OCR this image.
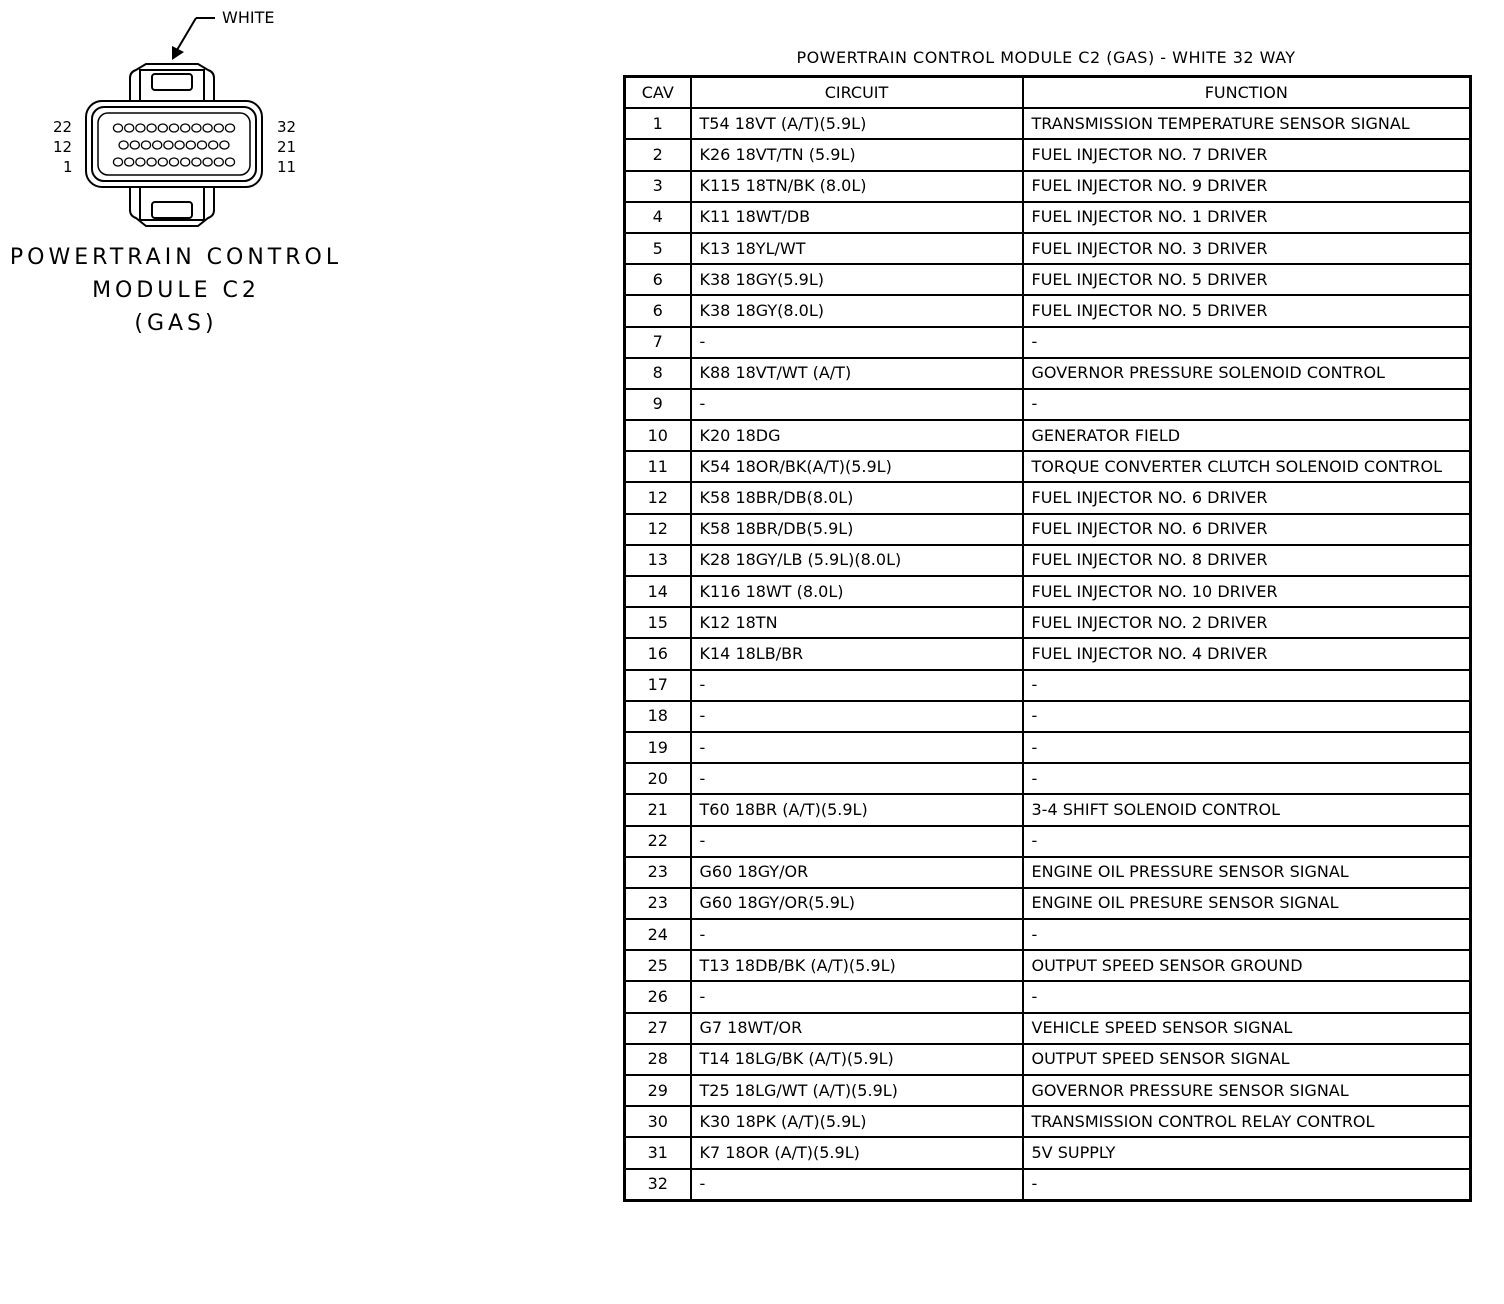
WHITE
22
12
1
32
21
11
POWERTRAIN CONTROL
MODULE C2
(GAS)
POWERTRAIN CONTROL MODULE C2 (GAS) - WHITE 32 WAY
CAV	CIRCUIT	FUNCTION
1	T54 18VT (A/T)(5.9L)	TRANSMISSION TEMPERATURE SENSOR SIGNAL
2	K26 18VT/TN (5.9L)	FUEL INJECTOR NO. 7 DRIVER
3	K115 18TN/BK (8.0L)	FUEL INJECTOR NO. 9 DRIVER
4	K11 18WT/DB	FUEL INJECTOR NO. 1 DRIVER
5	K13 18YL/WT	FUEL INJECTOR NO. 3 DRIVER
6	K38 18GY(5.9L)	FUEL INJECTOR NO. 5 DRIVER
6	K38 18GY(8.0L)	FUEL INJECTOR NO. 5 DRIVER
7	-	-
8	K88 18VT/WT (A/T)	GOVERNOR PRESSURE SOLENOID CONTROL
9	-	-
10	K20 18DG	GENERATOR FIELD
11	K54 18OR/BK(A/T)(5.9L)	TORQUE CONVERTER CLUTCH SOLENOID CONTROL
12	K58 18BR/DB(8.0L)	FUEL INJECTOR NO. 6 DRIVER
12	K58 18BR/DB(5.9L)	FUEL INJECTOR NO. 6 DRIVER
13	K28 18GY/LB (5.9L)(8.0L)	FUEL INJECTOR NO. 8 DRIVER
14	K116 18WT (8.0L)	FUEL INJECTOR NO. 10 DRIVER
15	K12 18TN	FUEL INJECTOR NO. 2 DRIVER
16	K14 18LB/BR	FUEL INJECTOR NO. 4 DRIVER
17	-	-
18	-	-
19	-	-
20	-	-
21	T60 18BR (A/T)(5.9L)	3-4 SHIFT SOLENOID CONTROL
22	-	-
23	G60 18GY/OR	ENGINE OIL PRESSURE SENSOR SIGNAL
23	G60 18GY/OR(5.9L)	ENGINE OIL PRESURE SENSOR SIGNAL
24	-	-
25	T13 18DB/BK (A/T)(5.9L)	OUTPUT SPEED SENSOR GROUND
26	-	-
27	G7 18WT/OR	VEHICLE SPEED SENSOR SIGNAL
28	T14 18LG/BK (A/T)(5.9L)	OUTPUT SPEED SENSOR SIGNAL
29	T25 18LG/WT (A/T)(5.9L)	GOVERNOR PRESSURE SENSOR SIGNAL
30	K30 18PK (A/T)(5.9L)	TRANSMISSION CONTROL RELAY CONTROL
31	K7 18OR (A/T)(5.9L)	5V SUPPLY
32	-	-
